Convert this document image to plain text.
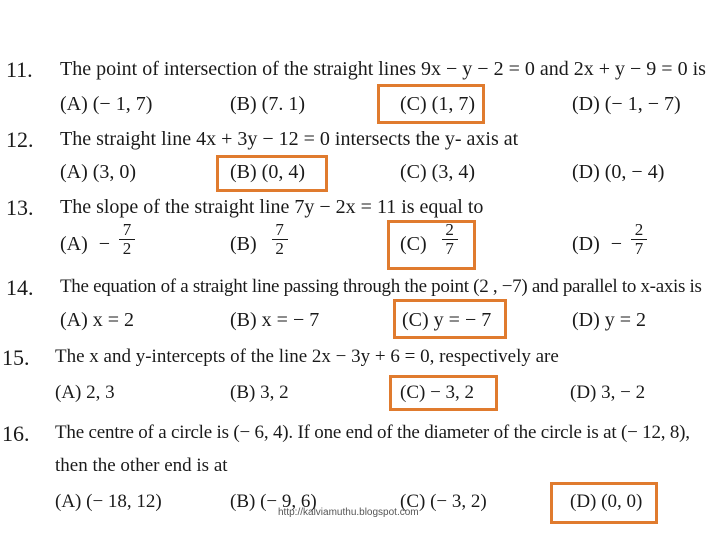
11. The point of intersection of the straight lines 9x − y − 2 = 0 and 2x + y − 9 = 0 is
(A) (− 1, 7)	(B) (7. 1)	(C) (1, 7)	(D) (− 1, − 7)
12. The straight line 4x + 3y − 12 = 0 intersects the y- axis at
(A) (3, 0)	(B) (0, 4)	(C) (3, 4)	(D) (0, − 4)
13. The slope of the straight line 7y − 2x = 11 is equal to
$(A) - \frac{7}{2}$	$(B) \frac{7}{2}$	$(C) \frac{2}{7}$	$(D) - \frac{2}{7}$
14. The equation of a straight line passing through the point (2 , −7) and parallel to x-axis is
(A) x = 2	(B) x = − 7	(C) y = − 7	(D) y = 2
15. The x and y-intercepts of the line 2x − 3y + 6 = 0, respectively are
(A) 2, 3	(B) 3, 2	(C) − 3, 2	(D) 3, − 2
16. The centre of a circle is (− 6, 4). If one end of the diameter of the circle is at (− 12, 8),
then the other end is at
(A) (− 18, 12)	(B) (− 9, 6)	(C) (− 3, 2)	(D) (0, 0)
http://kalviamuthu.blogspot.com
